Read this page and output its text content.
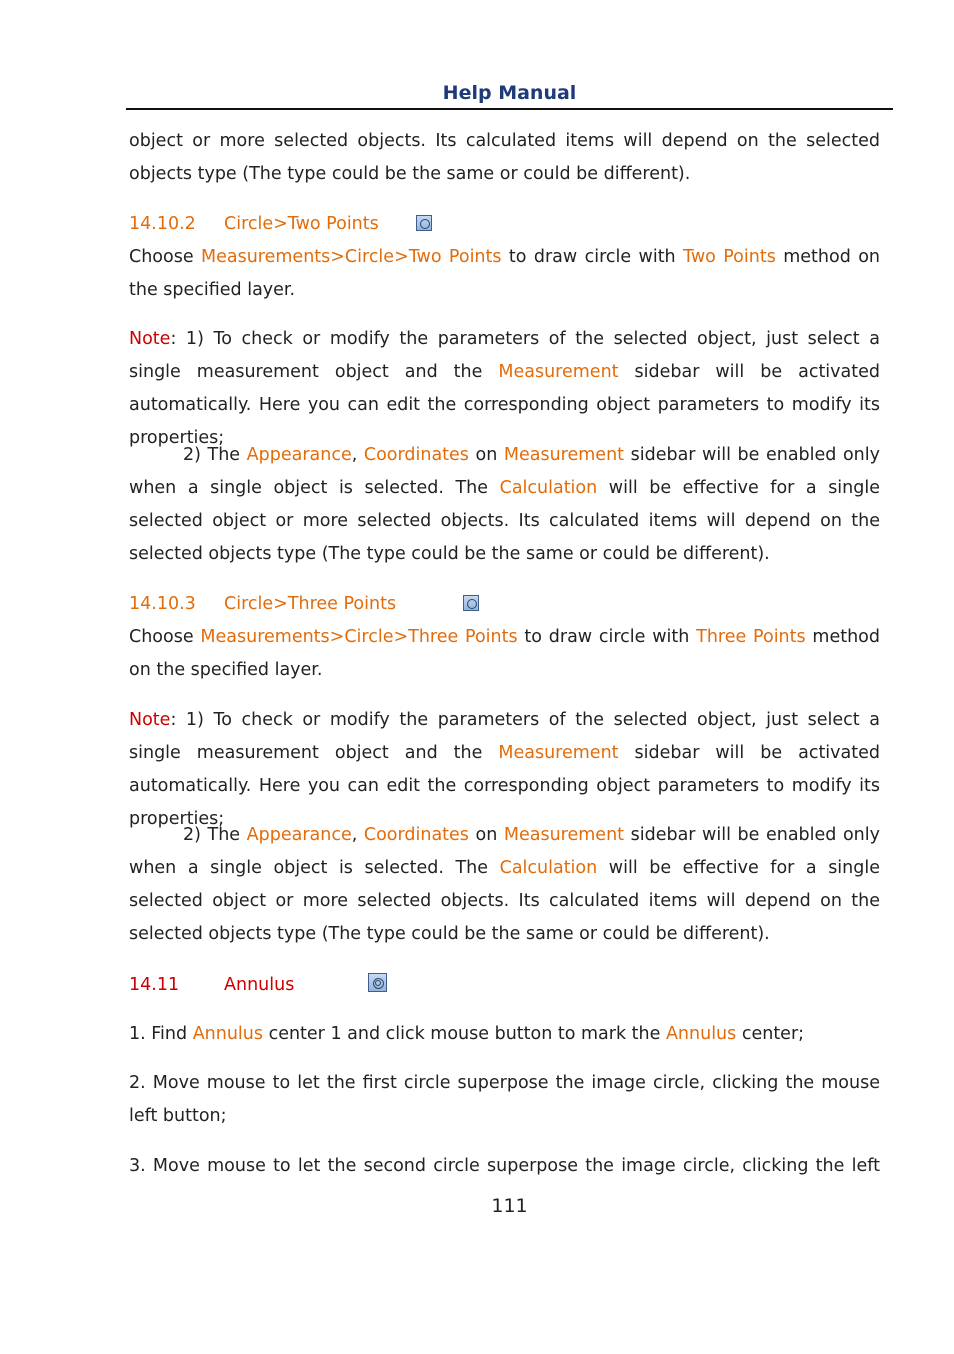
Help Manual
object or more selected objects. Its calculated items will depend on the selected objects type (The type could be the same or could be different).
14.10.2 Circle>Two Points
Choose Measurements>Circle>Two Points to draw circle with Two Points method on the specified layer.
Note: 1) To check or modify the parameters of the selected object, just select a single measurement object and the Measurement sidebar will be activated automatically. Here you can edit the corresponding object parameters to modify its properties;
2) The Appearance, Coordinates on Measurement sidebar will be enabled only when a single object is selected. The Calculation will be effective for a single selected object or more selected objects. Its calculated items will depend on the selected objects type (The type could be the same or could be different).
14.10.3 Circle>Three Points
Choose Measurements>Circle>Three Points to draw circle with Three Points method on the specified layer.
Note: 1) To check or modify the parameters of the selected object, just select a single measurement object and the Measurement sidebar will be activated automatically. Here you can edit the corresponding object parameters to modify its properties;
2) The Appearance, Coordinates on Measurement sidebar will be enabled only when a single object is selected. The Calculation will be effective for a single selected object or more selected objects. Its calculated items will depend on the selected objects type (The type could be the same or could be different).
14.11	Annulus
1. Find Annulus center 1 and click mouse button to mark the Annulus center;
2. Move mouse to let the first circle superpose the image circle, clicking the mouse left button;
3. Move mouse to let the second circle superpose the image circle, clicking the left
111
